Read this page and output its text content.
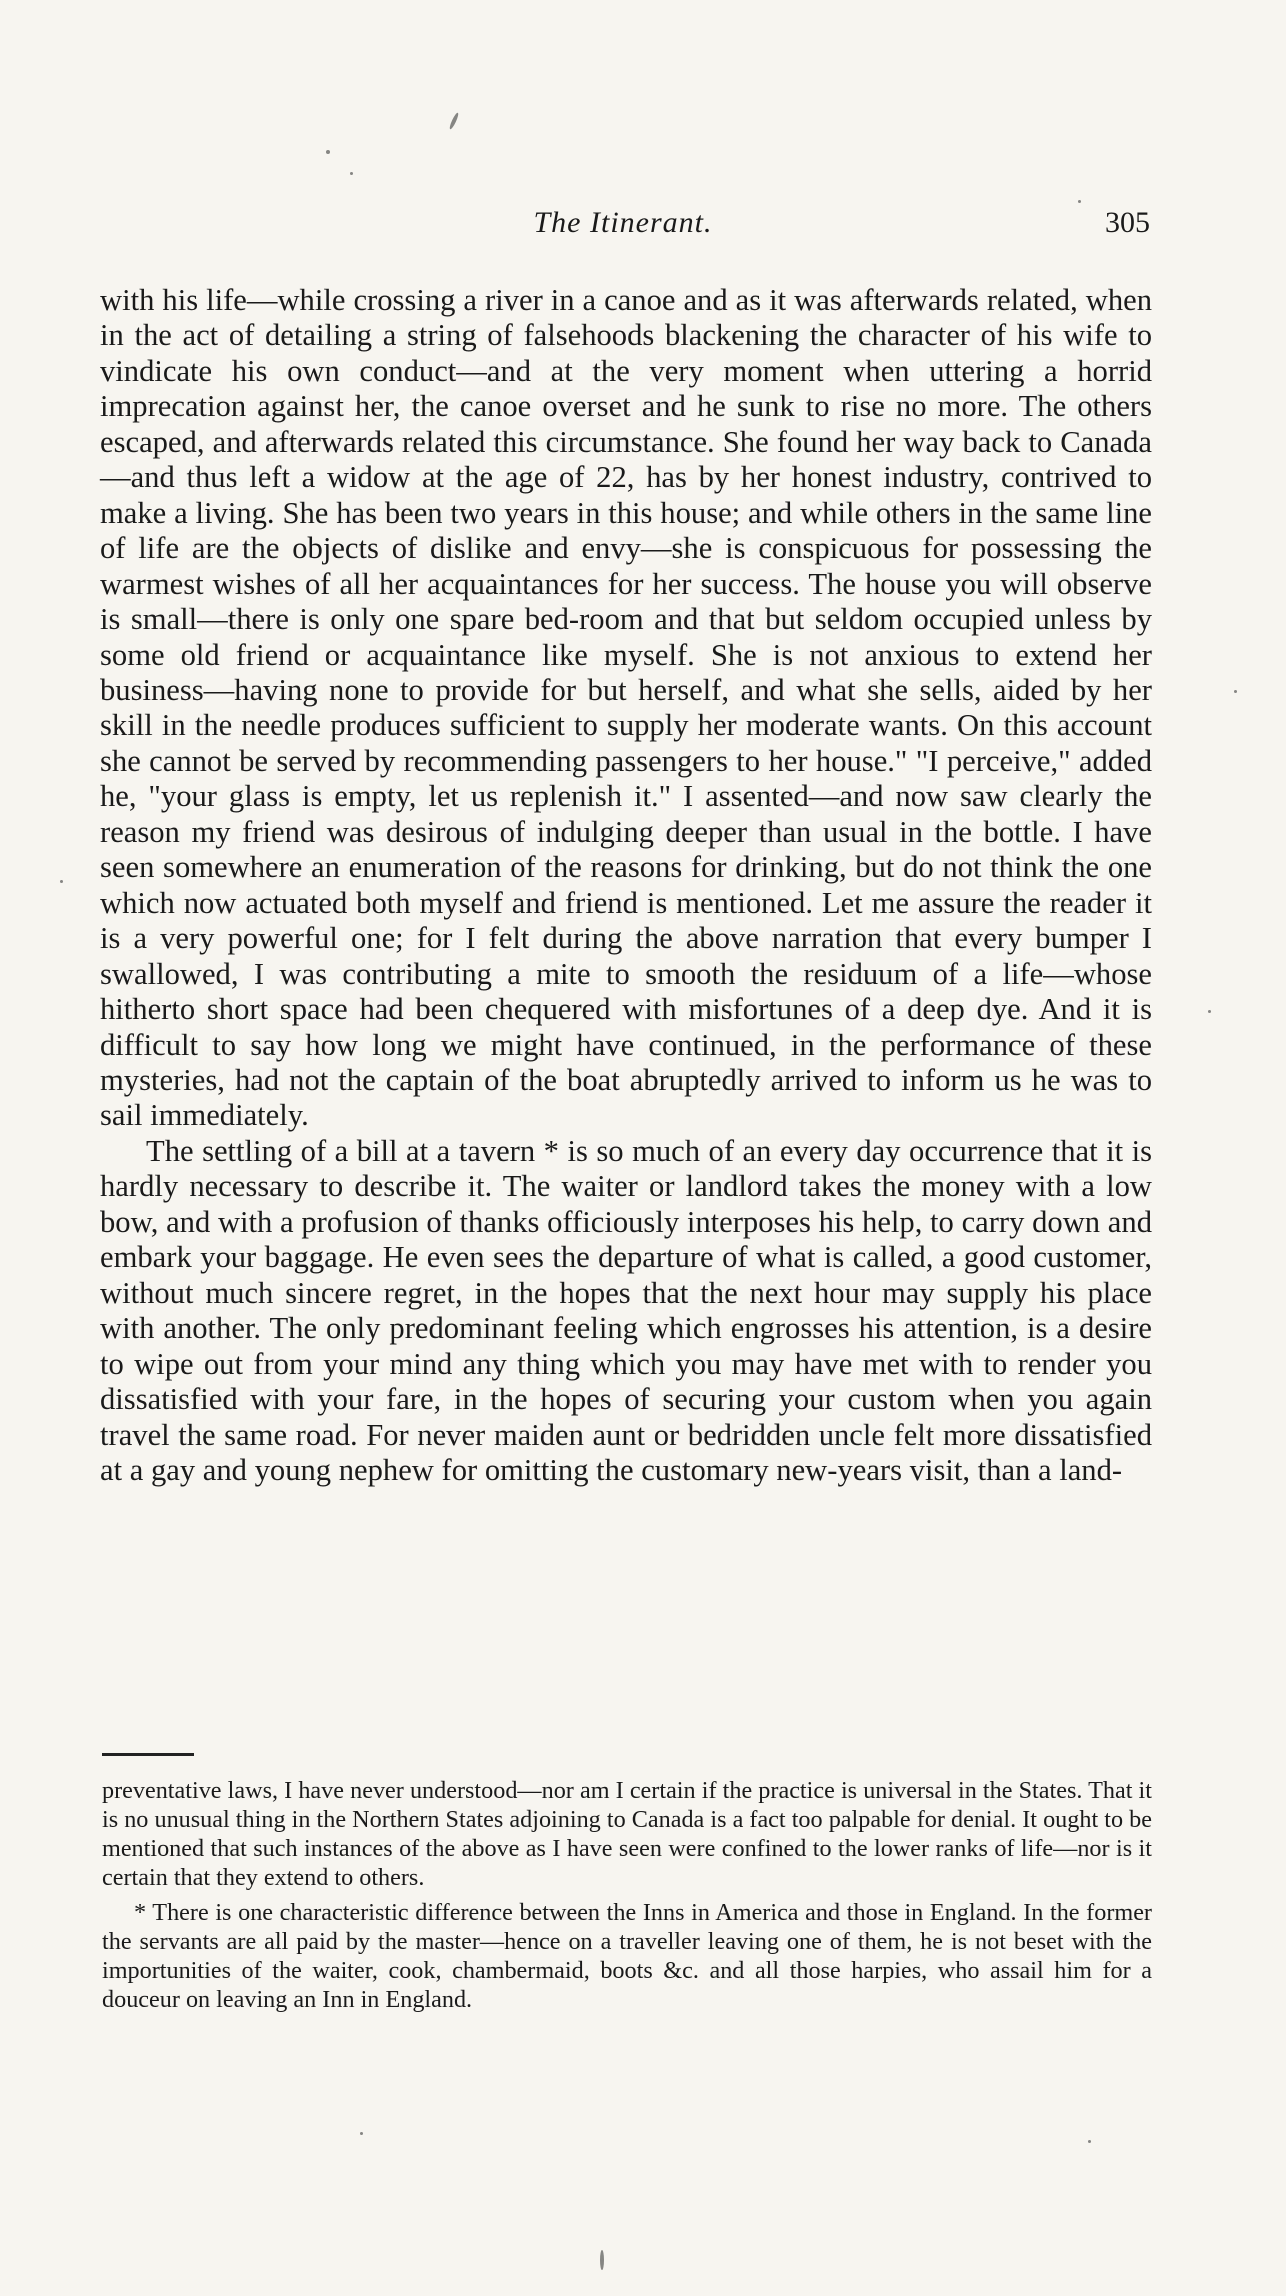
The Itinerant.	305

with his life—while crossing a river in a canoe and as it was afterwards related, when in the act of detailing a string of falsehoods blackening the character of his wife to vindicate his own conduct—and at the very moment when uttering a horrid imprecation against her, the canoe overset and he sunk to rise no more. The others escaped, and afterwards related this circumstance. She found her way back to Canada—and thus left a widow at the age of 22, has by her honest industry, contrived to make a living. She has been two years in this house; and while others in the same line of life are the objects of dislike and envy—she is conspicuous for possessing the warmest wishes of all her acquaintances for her success. The house you will observe is small—there is only one spare bed-room and that but seldom occupied unless by some old friend or acquaintance like myself. She is not anxious to extend her business—having none to provide for but herself, and what she sells, aided by her skill in the needle produces sufficient to supply her moderate wants. On this account she cannot be served by recommending passengers to her house." "I perceive," added he, "your glass is empty, let us replenish it." I assented—and now saw clearly the reason my friend was desirous of indulging deeper than usual in the bottle. I have seen somewhere an enumeration of the reasons for drinking, but do not think the one which now actuated both myself and friend is mentioned. Let me assure the reader it is a very powerful one; for I felt during the above narration that every bumper I swallowed, I was contributing a mite to smooth the residuum of a life—whose hitherto short space had been chequered with misfortunes of a deep dye. And it is difficult to say how long we might have continued, in the performance of these mysteries, had not the captain of the boat abruptedly arrived to inform us he was to sail immediately.

The settling of a bill at a tavern * is so much of an every day occurrence that it is hardly necessary to describe it. The waiter or landlord takes the money with a low bow, and with a profusion of thanks officiously interposes his help, to carry down and embark your baggage. He even sees the departure of what is called, a good customer, without much sincere regret, in the hopes that the next hour may supply his place with another. The only predominant feeling which engrosses his attention, is a desire to wipe out from your mind any thing which you may have met with to render you dissatisfied with your fare, in the hopes of securing your custom when you again travel the same road. For never maiden aunt or bedridden uncle felt more dissatisfied at a gay and young nephew for omitting the customary new-years visit, than a land-

preventative laws, I have never understood—nor am I certain if the practice is universal in the States. That it is no unusual thing in the Northern States adjoining to Canada is a fact too palpable for denial. It ought to be mentioned that such instances of the above as I have seen were confined to the lower ranks of life—nor is it certain that they extend to others.

* There is one characteristic difference between the Inns in America and those in England. In the former the servants are all paid by the master—hence on a traveller leaving one of them, he is not beset with the importunities of the waiter, cook, chambermaid, boots &c. and all those harpies, who assail him for a douceur on leaving an Inn in England.
